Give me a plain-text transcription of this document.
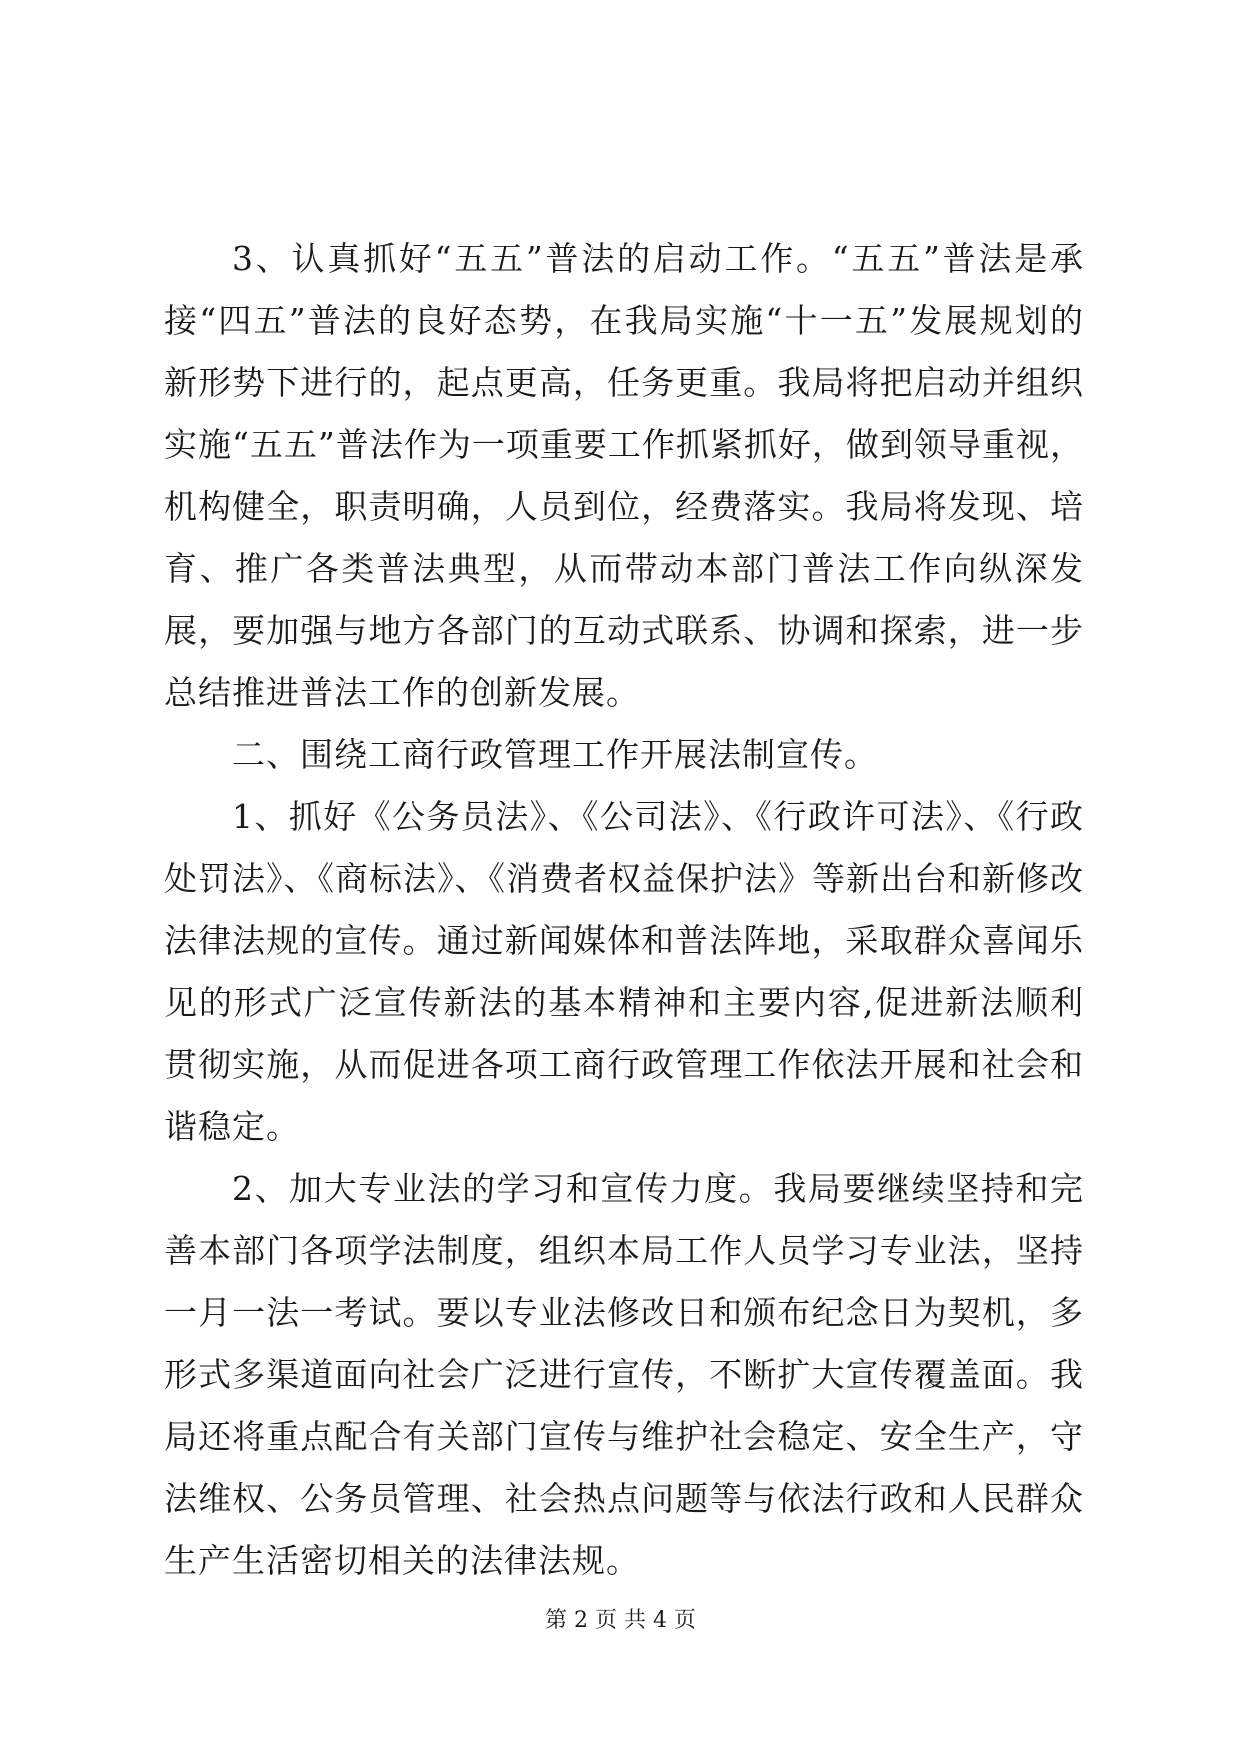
3、认真抓好“五五”普法的启动工作。“五五”普法是承接“四五”普法的良好态势，在我局实施“十一五”发展规划的新形势下进行的，起点更高，任务更重。我局将把启动并组织实施“五五”普法作为一项重要工作抓紧抓好，做到领导重视，机构健全，职责明确，人员到位，经费落实。我局将发现、培育、推广各类普法典型，从而带动本部门普法工作向纵深发展，要加强与地方各部门的互动式联系、协调和探索，进一步总结推进普法工作的创新发展。

二、围绕工商行政管理工作开展法制宣传。

1、抓好《公务员法》、《公司法》、《行政许可法》、《行政处罚法》、《商标法》、《消费者权益保护法》等新出台和新修改法律法规的宣传。通过新闻媒体和普法阵地，采取群众喜闻乐见的形式广泛宣传新法的基本精神和主要内容,促进新法顺利贯彻实施，从而促进各项工商行政管理工作依法开展和社会和谐稳定。

2、加大专业法的学习和宣传力度。我局要继续坚持和完善本部门各项学法制度，组织本局工作人员学习专业法，坚持一月一法一考试。要以专业法修改日和颁布纪念日为契机，多形式多渠道面向社会广泛进行宣传，不断扩大宣传覆盖面。我局还将重点配合有关部门宣传与维护社会稳定、安全生产，守法维权、公务员管理、社会热点问题等与依法行政和人民群众生产生活密切相关的法律法规。

第 2 页 共 4 页
